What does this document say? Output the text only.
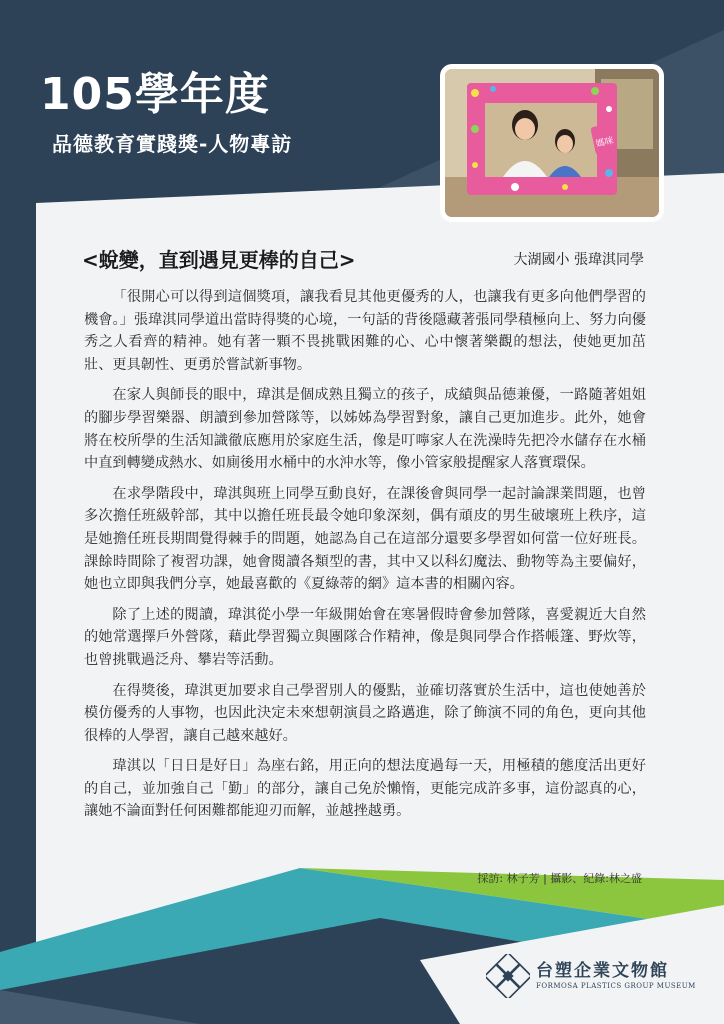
105學年度
品德教育實踐獎-人物專訪	媽咪
<蛻變，直到遇見更棒的自己>	大湖國小 張瑋淇同學

「很開心可以得到這個獎項，讓我看見其他更優秀的人，也讓我有更多向他們學習的機會。」張瑋淇同學道出當時得獎的心境，一句話的背後隱藏著張同學積極向上、努力向優秀之人看齊的精神。她有著一顆不畏挑戰困難的心、心中懷著樂觀的想法，使她更加茁壯、更具韌性、更勇於嘗試新事物。

在家人與師長的眼中，瑋淇是個成熟且獨立的孩子，成績與品德兼優，一路隨著姐姐的腳步學習樂器、朗讀到參加營隊等，以姊姊為學習對象，讓自己更加進步。此外，她會將在校所學的生活知識徹底應用於家庭生活，像是叮嚀家人在洗澡時先把冷水儲存在水桶中直到轉變成熱水、如廁後用水桶中的水沖水等，像小管家般提醒家人落實環保。

在求學階段中，瑋淇與班上同學互動良好，在課後會與同學一起討論課業問題，也曾多次擔任班級幹部，其中以擔任班長最令她印象深刻，偶有頑皮的男生破壞班上秩序，這是她擔任班長期間覺得棘手的問題，她認為自己在這部分還要多學習如何當一位好班長。課餘時間除了複習功課，她會閱讀各類型的書，其中又以科幻魔法、動物等為主要偏好，她也立即與我們分享，她最喜歡的《夏綠蒂的網》這本書的相關內容。

除了上述的閱讀，瑋淇從小學一年級開始會在寒暑假時會參加營隊，喜愛親近大自然的她常選擇戶外營隊，藉此學習獨立與團隊合作精神，像是與同學合作搭帳篷、野炊等，也曾挑戰過泛舟、攀岩等活動。

在得獎後，瑋淇更加要求自己學習別人的優點，並確切落實於生活中，這也使她善於模仿優秀的人事物，也因此決定未來想朝演員之路邁進，除了飾演不同的角色，更向其他很棒的人學習，讓自己越來越好。

瑋淇以「日日是好日」為座右銘，用正向的想法度過每一天，用極積的態度活出更好的自己，並加強自己「勤」的部分，讓自己免於懶惰，更能完成許多事，這份認真的心，讓她不論面對任何困難都能迎刃而解，並越挫越勇。

採訪: 林子芳 | 攝影、紀錄:林之盛

台塑企業文物館

FORMOSA PLASTICS GROUP MUSEUM
